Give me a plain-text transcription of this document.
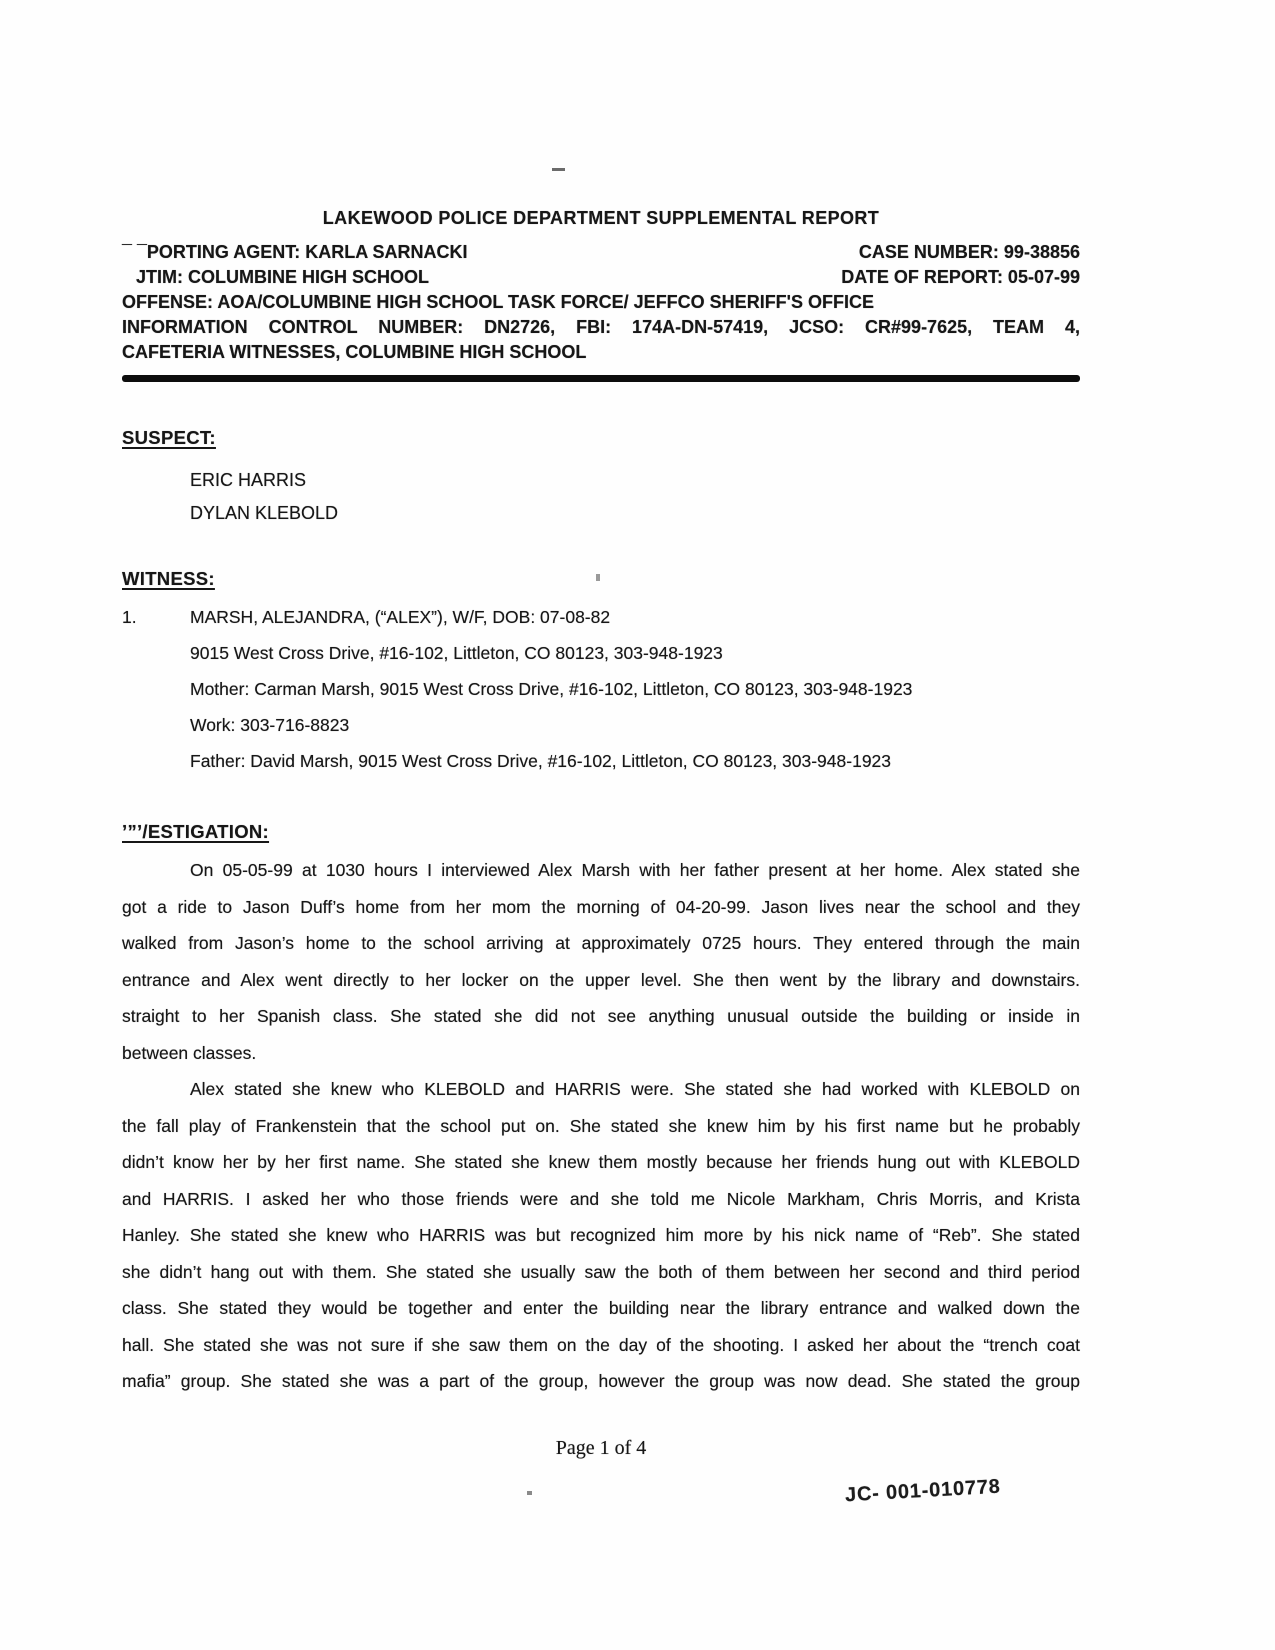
LAKEWOOD POLICE DEPARTMENT SUPPLEMENTAL REPORT
¯ ¯PORTING AGENT: KARLA SARNACKI	CASE NUMBER: 99-38856
JTIM: COLUMBINE HIGH SCHOOL	DATE OF REPORT: 05-07-99
OFFENSE: AOA/COLUMBINE HIGH SCHOOL TASK FORCE/ JEFFCO SHERIFF'S OFFICE
INFORMATION CONTROL NUMBER: DN2726, FBI: 174A-DN-57419, JCSO: CR#99-7625, TEAM 4,
CAFETERIA WITNESSES, COLUMBINE HIGH SCHOOL
SUSPECT:
ERIC HARRIS
DYLAN KLEBOLD
WITNESS:
1.	MARSH, ALEJANDRA, (“ALEX”), W/F, DOB: 07-08-82
9015 West Cross Drive, #16-102, Littleton, CO 80123, 303-948-1923
Mother: Carman Marsh, 9015 West Cross Drive, #16-102, Littleton, CO 80123, 303-948-1923
Work: 303-716-8823
Father: David Marsh, 9015 West Cross Drive, #16-102, Littleton, CO 80123, 303-948-1923
’”’/ESTIGATION:
On 05-05-99 at 1030 hours I interviewed Alex Marsh with her father present at her home. Alex stated she
got a ride to Jason Duff’s home from her mom the morning of 04-20-99. Jason lives near the school and they
walked from Jason’s home to the school arriving at approximately 0725 hours. They entered through the main
entrance and Alex went directly to her locker on the upper level. She then went by the library and downstairs.
straight to her Spanish class. She stated she did not see anything unusual outside the building or inside in
between classes.
Alex stated she knew who KLEBOLD and HARRIS were. She stated she had worked with KLEBOLD on
the fall play of Frankenstein that the school put on. She stated she knew him by his first name but he probably
didn’t know her by her first name. She stated she knew them mostly because her friends hung out with KLEBOLD
and HARRIS. I asked her who those friends were and she told me Nicole Markham, Chris Morris, and Krista
Hanley. She stated she knew who HARRIS was but recognized him more by his nick name of “Reb”. She stated
she didn’t hang out with them. She stated she usually saw the both of them between her second and third period
class. She stated they would be together and enter the building near the library entrance and walked down the
hall. She stated she was not sure if she saw them on the day of the shooting. I asked her about the “trench coat
mafia” group. She stated she was a part of the group, however the group was now dead. She stated the group
Page 1 of 4
JC- 001-010778
